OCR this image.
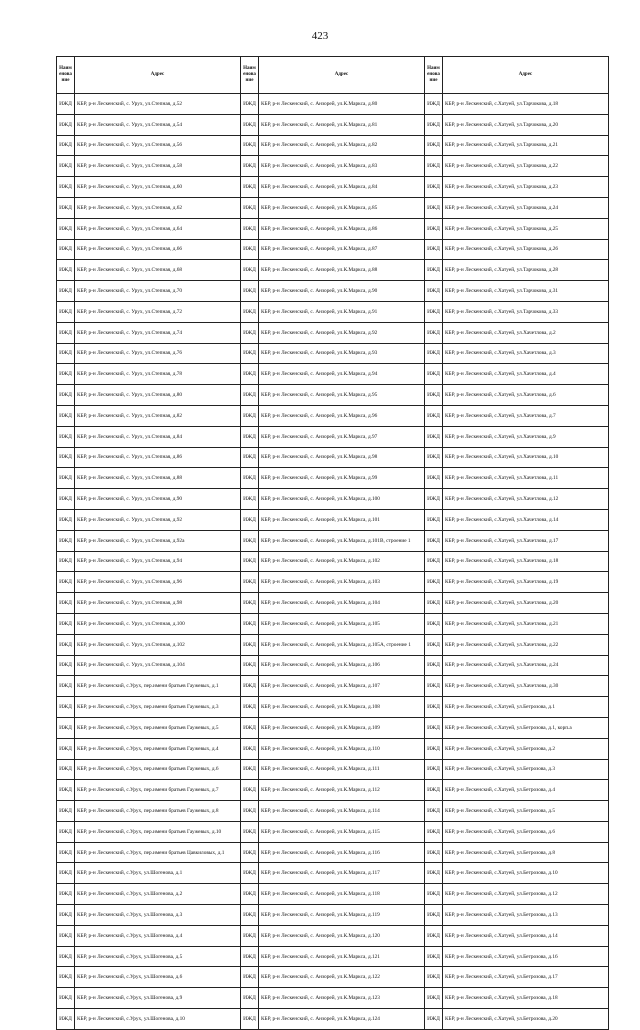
423
Наим енова ние	Адрес	Наим енова ние	Адрес	Наим енова ние	Адрес
ИЖД	КБР, р-н Лескенский, с. Урух, ул.Степная, д.52	ИЖД	КБР, р-н Лескенский, с. Анзорей, ул.К.Маркса, д.80	ИЖД	КБР, р-н Лескенский, с.Хатуей, ул.Тарчокова, д.18
ИЖД	КБР, р-н Лескенский, с. Урух, ул.Степная, д.54	ИЖД	КБР, р-н Лескенский, с. Анзорей, ул.К.Маркса, д.81	ИЖД	КБР, р-н Лескенский, с.Хатуей, ул.Тарчокова, д.20
ИЖД	КБР, р-н Лескенский, с. Урух, ул.Степная, д.56	ИЖД	КБР, р-н Лескенский, с. Анзорей, ул.К.Маркса, д.82	ИЖД	КБР, р-н Лескенский, с.Хатуей, ул.Тарчокова, д.21
ИЖД	КБР, р-н Лескенский, с. Урух, ул.Степная, д.58	ИЖД	КБР, р-н Лескенский, с. Анзорей, ул.К.Маркса, д.83	ИЖД	КБР, р-н Лескенский, с.Хатуей, ул.Тарчокова, д.22
ИЖД	КБР, р-н Лескенский, с. Урух, ул.Степная, д.60	ИЖД	КБР, р-н Лескенский, с. Анзорей, ул.К.Маркса, д.84	ИЖД	КБР, р-н Лескенский, с.Хатуей, ул.Тарчокова, д.23
ИЖД	КБР, р-н Лескенский, с. Урух, ул.Степная, д.62	ИЖД	КБР, р-н Лескенский, с. Анзорей, ул.К.Маркса, д.85	ИЖД	КБР, р-н Лескенский, с.Хатуей, ул.Тарчокова, д.24
ИЖД	КБР, р-н Лескенский, с. Урух, ул.Степная, д.64	ИЖД	КБР, р-н Лескенский, с. Анзорей, ул.К.Маркса, д.86	ИЖД	КБР, р-н Лескенский, с.Хатуей, ул.Тарчокова, д.25
ИЖД	КБР, р-н Лескенский, с. Урух, ул.Степная, д.66	ИЖД	КБР, р-н Лескенский, с. Анзорей, ул.К.Маркса, д.87	ИЖД	КБР, р-н Лескенский, с.Хатуей, ул.Тарчокова, д.26
ИЖД	КБР, р-н Лескенский, с. Урух, ул.Степная, д.68	ИЖД	КБР, р-н Лескенский, с. Анзорей, ул.К.Маркса, д.88	ИЖД	КБР, р-н Лескенский, с.Хатуей, ул.Тарчокова, д.28
ИЖД	КБР, р-н Лескенский, с. Урух, ул.Степная, д.70	ИЖД	КБР, р-н Лескенский, с. Анзорей, ул.К.Маркса, д.90	ИЖД	КБР, р-н Лескенский, с.Хатуей, ул.Тарчокова, д.31
ИЖД	КБР, р-н Лескенский, с. Урух, ул.Степная, д.72	ИЖД	КБР, р-н Лескенский, с. Анзорей, ул.К.Маркса, д.91	ИЖД	КБР, р-н Лескенский, с.Хатуей, ул.Тарчокова, д.33
ИЖД	КБР, р-н Лескенский, с. Урух, ул.Степная, д.74	ИЖД	КБР, р-н Лескенский, с. Анзорей, ул.К.Маркса, д.92	ИЖД	КБР, р-н Лескенский, с.Хатуей, ул.Хачетлова, д.2
ИЖД	КБР, р-н Лескенский, с. Урух, ул.Степная, д.76	ИЖД	КБР, р-н Лескенский, с. Анзорей, ул.К.Маркса, д.93	ИЖД	КБР, р-н Лескенский, с.Хатуей, ул.Хачетлова, д.3
ИЖД	КБР, р-н Лескенский, с. Урух, ул.Степная, д.78	ИЖД	КБР, р-н Лескенский, с. Анзорей, ул.К.Маркса, д.94	ИЖД	КБР, р-н Лескенский, с.Хатуей, ул.Хачетлова, д.4
ИЖД	КБР, р-н Лескенский, с. Урух, ул.Степная, д.80	ИЖД	КБР, р-н Лескенский, с. Анзорей, ул.К.Маркса, д.95	ИЖД	КБР, р-н Лескенский, с.Хатуей, ул.Хачетлова, д.6
ИЖД	КБР, р-н Лескенский, с. Урух, ул.Степная, д.82	ИЖД	КБР, р-н Лескенский, с. Анзорей, ул.К.Маркса, д.96	ИЖД	КБР, р-н Лескенский, с.Хатуей, ул.Хачетлова, д.7
ИЖД	КБР, р-н Лескенский, с. Урух, ул.Степная, д.84	ИЖД	КБР, р-н Лескенский, с. Анзорей, ул.К.Маркса, д.97	ИЖД	КБР, р-н Лескенский, с.Хатуей, ул.Хачетлова, д.9
ИЖД	КБР, р-н Лескенский, с. Урух, ул.Степная, д.86	ИЖД	КБР, р-н Лескенский, с. Анзорей, ул.К.Маркса, д.98	ИЖД	КБР, р-н Лескенский, с.Хатуей, ул.Хачетлова, д.10
ИЖД	КБР, р-н Лескенский, с. Урух, ул.Степная, д.88	ИЖД	КБР, р-н Лескенский, с. Анзорей, ул.К.Маркса, д.99	ИЖД	КБР, р-н Лескенский, с.Хатуей, ул.Хачетлова, д.11
ИЖД	КБР, р-н Лескенский, с. Урух, ул.Степная, д.90	ИЖД	КБР, р-н Лескенский, с. Анзорей, ул.К.Маркса, д.100	ИЖД	КБР, р-н Лескенский, с.Хатуей, ул.Хачетлова, д.12
ИЖД	КБР, р-н Лескенский, с. Урух, ул.Степная, д.92	ИЖД	КБР, р-н Лескенский, с. Анзорей, ул.К.Маркса, д.101	ИЖД	КБР, р-н Лескенский, с.Хатуей, ул.Хачетлова, д.14
ИЖД	КБР, р-н Лескенский, с. Урух, ул.Степная, д.92а	ИЖД	КБР, р-н Лескенский, с. Анзорей, ул.К.Маркса, д.101В, строение 1	ИЖД	КБР, р-н Лескенский, с.Хатуей, ул.Хачетлова, д.17
ИЖД	КБР, р-н Лескенский, с. Урух, ул.Степная, д.94	ИЖД	КБР, р-н Лескенский, с. Анзорей, ул.К.Маркса, д.102	ИЖД	КБР, р-н Лескенский, с.Хатуей, ул.Хачетлова, д.18
ИЖД	КБР, р-н Лескенский, с. Урух, ул.Степная, д.96	ИЖД	КБР, р-н Лескенский, с. Анзорей, ул.К.Маркса, д.103	ИЖД	КБР, р-н Лескенский, с.Хатуей, ул.Хачетлова, д.19
ИЖД	КБР, р-н Лескенский, с. Урух, ул.Степная, д.98	ИЖД	КБР, р-н Лескенский, с. Анзорей, ул.К.Маркса, д.104	ИЖД	КБР, р-н Лескенский, с.Хатуей, ул.Хачетлова, д.20
ИЖД	КБР, р-н Лескенский, с. Урух, ул.Степная, д.100	ИЖД	КБР, р-н Лескенский, с. Анзорей, ул.К.Маркса, д.105	ИЖД	КБР, р-н Лескенский, с.Хатуей, ул.Хачетлова, д.21
ИЖД	КБР, р-н Лескенский, с. Урух, ул.Степная, д.102	ИЖД	КБР, р-н Лескенский, с. Анзорей, ул.К.Маркса, д.105А, строение 1	ИЖД	КБР, р-н Лескенский, с.Хатуей, ул.Хачетлова, д.22
ИЖД	КБР, р-н Лескенский, с. Урух, ул.Степная, д.104	ИЖД	КБР, р-н Лескенский, с. Анзорей, ул.К.Маркса, д.106	ИЖД	КБР, р-н Лескенский, с.Хатуей, ул.Хачетлова, д.24
ИЖД	КБР, р-н Лескенский, с.Урух, пер.имени братьев Гаужевых, д.1	ИЖД	КБР, р-н Лескенский, с. Анзорей, ул.К.Маркса, д.107	ИЖД	КБР, р-н Лескенский, с.Хатуей, ул.Хачетлова, д.30
ИЖД	КБР, р-н Лескенский, с.Урух, пер.имени братьев Гаужевых, д.3	ИЖД	КБР, р-н Лескенский, с. Анзорей, ул.К.Маркса, д.108	ИЖД	КБР, р-н Лескенский, с.Хатуей, ул.Бетрозова, д.1
ИЖД	КБР, р-н Лескенский, с.Урух, пер.имени братьев Гаужевых, д.5	ИЖД	КБР, р-н Лескенский, с. Анзорей, ул.К.Маркса, д.109	ИЖД	КБР, р-н Лескенский, с.Хатуей, ул.Бетрозова, д.1, корп.а
ИЖД	КБР, р-н Лескенский, с.Урух, пер.имени братьев Гаужевых, д.4	ИЖД	КБР, р-н Лескенский, с. Анзорей, ул.К.Маркса, д.110	ИЖД	КБР, р-н Лескенский, с.Хатуей, ул.Бетрозова, д.2
ИЖД	КБР, р-н Лескенский, с.Урух, пер.имени братьев Гаужевых, д.6	ИЖД	КБР, р-н Лескенский, с. Анзорей, ул.К.Маркса, д.111	ИЖД	КБР, р-н Лескенский, с.Хатуей, ул.Бетрозова, д.3
ИЖД	КБР, р-н Лескенский, с.Урух, пер.имени братьев Гаужевых, д.7	ИЖД	КБР, р-н Лескенский, с. Анзорей, ул.К.Маркса, д.112	ИЖД	КБР, р-н Лескенский, с.Хатуей, ул.Бетрозова, д.4
ИЖД	КБР, р-н Лескенский, с.Урух, пер.имени братьев Гаужевых, д.8	ИЖД	КБР, р-н Лескенский, с. Анзорей, ул.К.Маркса, д.114	ИЖД	КБР, р-н Лескенский, с.Хатуей, ул.Бетрозова, д.5
ИЖД	КБР, р-н Лескенский, с.Урух, пер.имени братьев Гаужевых, д.10	ИЖД	КБР, р-н Лескенский, с. Анзорей, ул.К.Маркса, д.115	ИЖД	КБР, р-н Лескенский, с.Хатуей, ул.Бетрозова, д.6
ИЖД	КБР, р-н Лескенский, с.Урух, пер.имени братьев Цавкиловых, д.1	ИЖД	КБР, р-н Лескенский, с. Анзорей, ул.К.Маркса, д.116	ИЖД	КБР, р-н Лескенский, с.Хатуей, ул.Бетрозова, д.8
ИЖД	КБР, р-н Лескенский, с.Урух, ул.Шогенова, д.1	ИЖД	КБР, р-н Лескенский, с. Анзорей, ул.К.Маркса, д.117	ИЖД	КБР, р-н Лескенский, с.Хатуей, ул.Бетрозова, д.10
ИЖД	КБР, р-н Лескенский, с.Урух, ул.Шогенова, д.2	ИЖД	КБР, р-н Лескенский, с. Анзорей, ул.К.Маркса, д.118	ИЖД	КБР, р-н Лескенский, с.Хатуей, ул.Бетрозова, д.12
ИЖД	КБР, р-н Лескенский, с.Урух, ул.Шогенова, д.3	ИЖД	КБР, р-н Лескенский, с. Анзорей, ул.К.Маркса, д.119	ИЖД	КБР, р-н Лескенский, с.Хатуей, ул.Бетрозова, д.13
ИЖД	КБР, р-н Лескенский, с.Урух, ул.Шогенова, д.4	ИЖД	КБР, р-н Лескенский, с. Анзорей, ул.К.Маркса, д.120	ИЖД	КБР, р-н Лескенский, с.Хатуей, ул.Бетрозова, д.14
ИЖД	КБР, р-н Лескенский, с.Урух, ул.Шогенова, д.5	ИЖД	КБР, р-н Лескенский, с. Анзорей, ул.К.Маркса, д.121	ИЖД	КБР, р-н Лескенский, с.Хатуей, ул.Бетрозова, д.16
ИЖД	КБР, р-н Лескенский, с.Урух, ул.Шогенова, д.6	ИЖД	КБР, р-н Лескенский, с. Анзорей, ул.К.Маркса, д.122	ИЖД	КБР, р-н Лескенский, с.Хатуей, ул.Бетрозова, д.17
ИЖД	КБР, р-н Лескенский, с.Урух, ул.Шогенова, д.9	ИЖД	КБР, р-н Лескенский, с. Анзорей, ул.К.Маркса, д.123	ИЖД	КБР, р-н Лескенский, с.Хатуей, ул.Бетрозова, д.18
ИЖД	КБР, р-н Лескенский, с.Урух, ул.Шогенова, д.10	ИЖД	КБР, р-н Лескенский, с. Анзорей, ул.К.Маркса, д.124	ИЖД	КБР, р-н Лескенский, с.Хатуей, ул.Бетрозова, д.20
